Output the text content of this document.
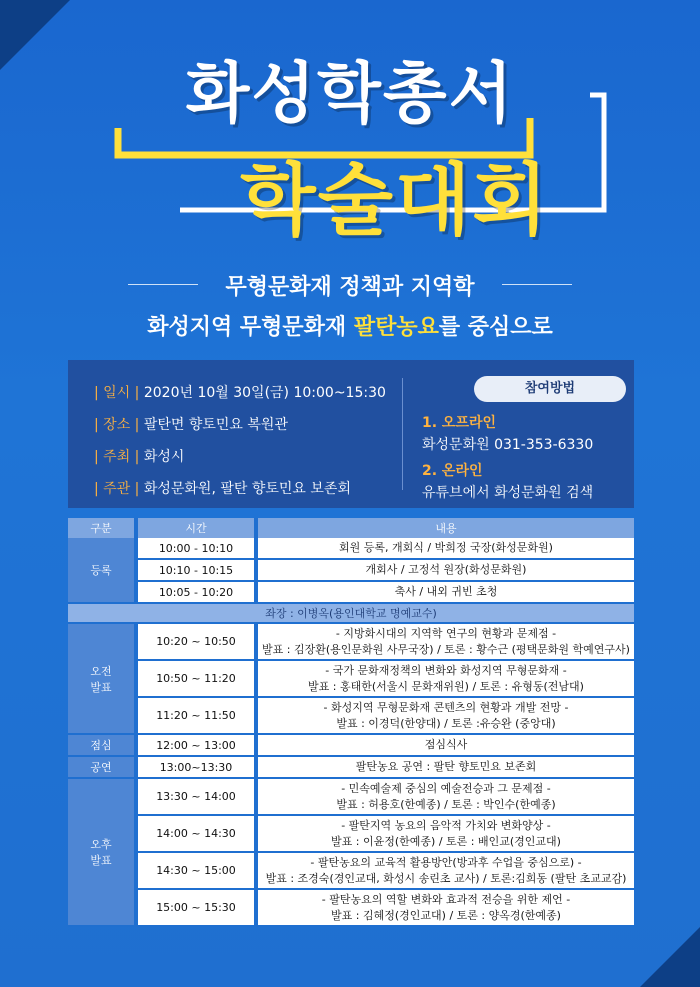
화성학총서
학술대회
무형문화재 정책과 지역학
화성지역 무형문화재 팔탄농요를 중심으로
| 일시 | 2020년 10월 30일(금) 10:00~15:30
| 장소 | 팔탄면 향토민요 복원관
| 주최 | 화성시
| 주관 | 화성문화원, 팔탄 향토민요 보존회
참여방법
1. 오프라인
화성문화원 031-353-6330
2. 온라인
유튜브에서 화성문화원 검색
구분	시간	내용
등록	10:00 - 10:10	회원 등록, 개회식 / 박희정 국장(화성문화원)
	10:10 - 10:15	개회사 / 고정석 원장(화성문화원)
	10:05 - 10:20	축사 / 내외 귀빈 초청
좌장 : 이병옥(용인대학교 명예교수)		
오전
발표	10:20 ~ 10:50	- 지방화시대의 지역학 연구의 현황과 문제점 -
발표 : 김장환(용인문화원 사무국장) / 토론 : 황수근 (평택문화원 학예연구사)
	10:50 ~ 11:20	- 국가 문화재정책의 변화와 화성지역 무형문화재 -
발표 : 홍태한(서울시 문화재위원) / 토론 : 유형동(전남대)
	11:20 ~ 11:50	- 화성지역 무형문화재 콘텐츠의 현황과 개발 전망 -
발표 : 이경덕(한양대) / 토론 :유승완 (중앙대)
점심	12:00 ~ 13:00	점심식사
공연	13:00~13:30	팔탄농요 공연 : 팔탄 향토민요 보존회
오후
발표	13:30 ~ 14:00	- 민속예술제 중심의 예술전승과 그 문제점 -
발표 : 허용호(한예종) / 토론 : 박인수(한예종)
	14:00 ~ 14:30	- 팔탄지역 농요의 음악적 가치와 변화양상 -
발표 : 이윤정(한예종) / 토론 : 배인교(경인교대)
	14:30 ~ 15:00	- 팔탄농요의 교육적 활용방안(방과후 수업을 중심으로) -
발표 : 조경숙(경인교대, 화성시 송린초 교사) / 토론:김희동 (팔탄 초교교감)
	15:00 ~ 15:30	- 팔탄농요의 역할 변화와 효과적 전승을 위한 제언 -
발표 : 김혜정(경인교대) / 토론 : 양옥경(한예종)
